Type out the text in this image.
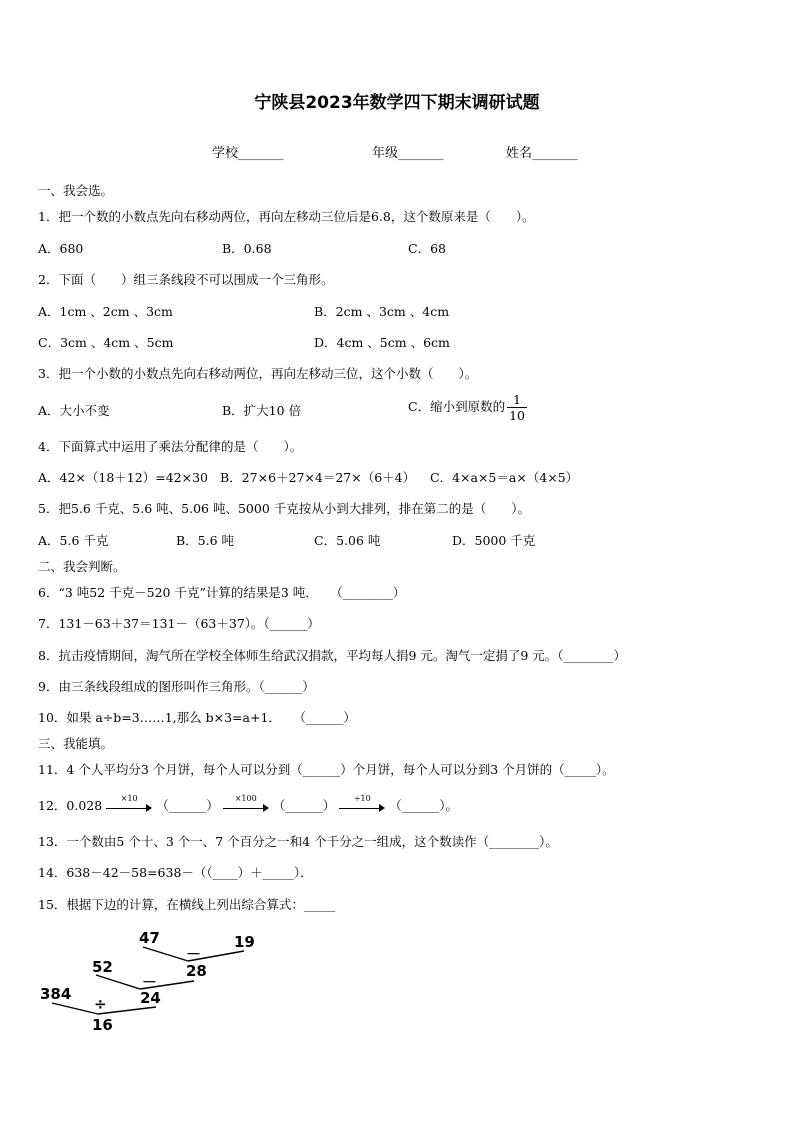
宁陕县2023年数学四下期末调研试题
学校_______	年级_______	姓名_______
一、我会选。
1．把一个数的小数点先向右移动两位，再向左移动三位后是6.8，这个数原来是（　　）。
A．680	B．0.68	C．68
2．下面（　　）组三条线段不可以围成一个三角形。
A．1cm 、2cm 、3cm	B．2cm 、3cm 、4cm
C．3cm 、4cm 、5cm	D．4cm 、5cm 、6cm
3．把一个小数的小数点先向右移动两位，再向左移动三位，这个小数（　　）。
A．大小不变	B．扩大10 倍	C．缩小到原数的 $\frac{1}{10}$
4．下面算式中运用了乘法分配律的是（　　）。
A．42×（18＋12）=42×30 B．27×6＋27×4＝27×（6＋4） C．4×a×5＝a×（4×5）
5．把5.6 千克、5.6 吨、5.06 吨、5000 千克按从小到大排列，排在第二的是（　　）。
A．5.6 千克	B．5.6 吨	C．5.06 吨	D．5000 千克
二、我会判断。
6．“3 吨52 千克－520 千克”计算的结果是3 吨．　　（________）
7．131－63＋37＝131－（63＋37）。（______）
8．抗击疫情期间，淘气所在学校全体师生给武汉捐款，平均每人捐9 元。淘气一定捐了9 元。（________）
9．由三条线段组成的图形叫作三角形。（______）
10．如果 a÷b=3……1,那么 b×3=a+1．　　（______）
三、我能填。
11．4 个人平均分3 个月饼，每个人可以分到（______）个月饼，每个人可以分到3 个月饼的（_____）。
12．0.028	×10	（______）	×100	（______）	÷10	（______）。
13．一个数由5 个十、3 个一、7 个百分之一和4 个千分之一组成，这个数读作（________）。
14．638－42－58=638－（（____）＋_____）．
15．根据下边的计算，在横线上列出综合算式：_____
47
－
19
28
52
－
24
384
÷
16
